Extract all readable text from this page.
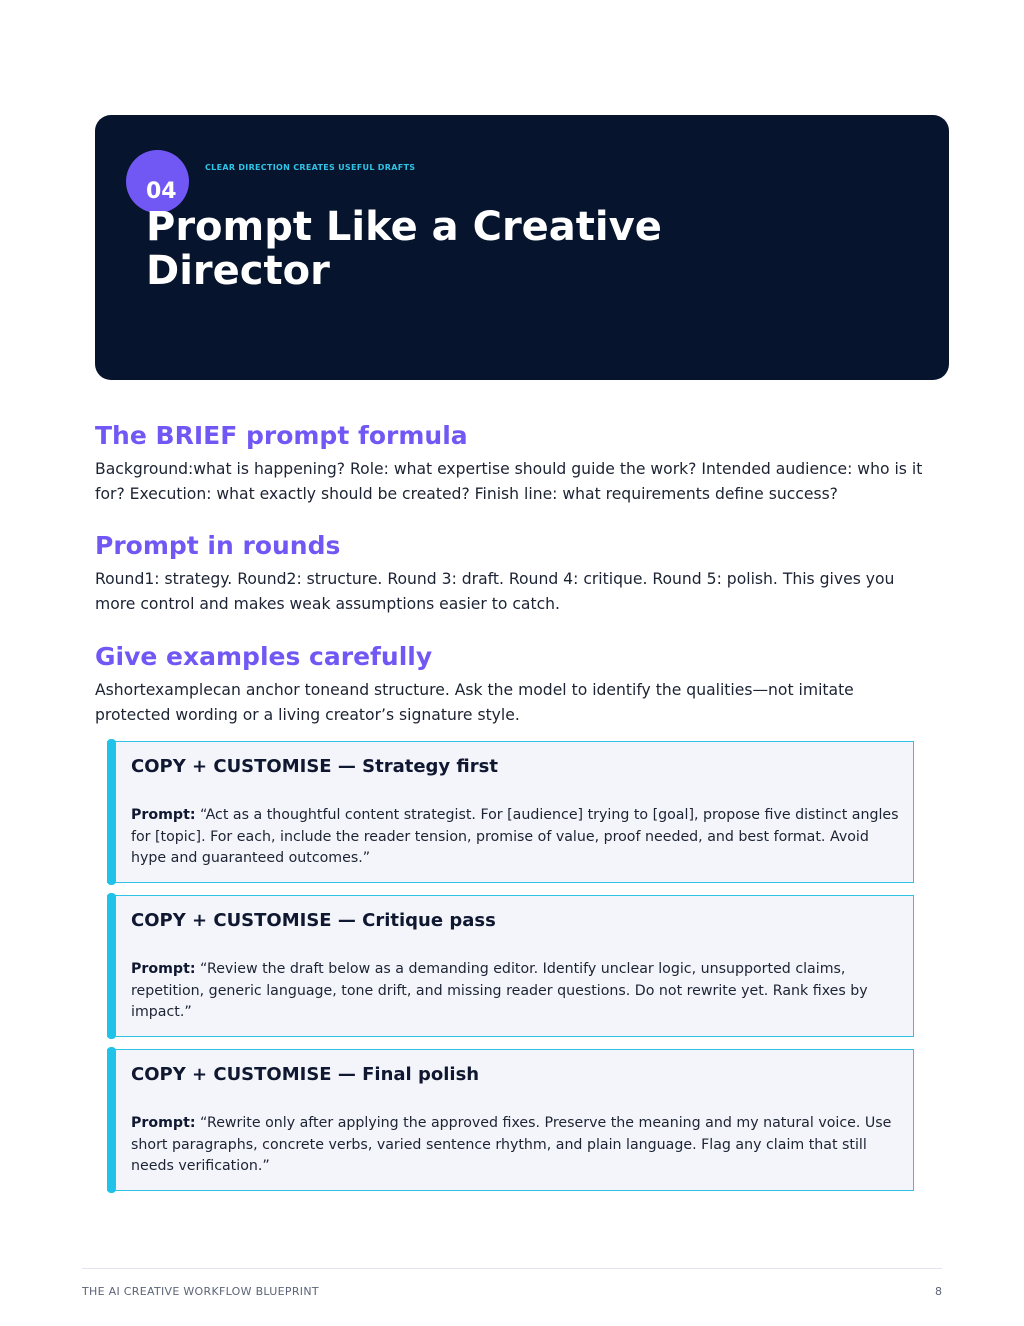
CLEAR DIRECTION CREATES USEFUL DRAFTS
04
Prompt Like a Creative Director
The BRIEF prompt formula
Background:what is happening? Role: what expertise should guide the work? Intended audience: who is it for? Execution: what exactly should be created? Finish line: what requirements define success?
Prompt in rounds
Round1: strategy. Round2: structure. Round 3: draft. Round 4: critique. Round 5: polish. This gives you more control and makes weak assumptions easier to catch.
Give examples carefully
Ashortexamplecan anchor toneand structure. Ask the model to identify the qualities—not imitate protected wording or a living creator’s signature style.
COPY + CUSTOMISE — Strategy first
Prompt: “Act as a thoughtful content strategist. For [audience] trying to [goal], propose five distinct angles for [topic]. For each, include the reader tension, promise of value, proof needed, and best format. Avoid hype and guaranteed outcomes.”
COPY + CUSTOMISE — Critique pass
Prompt: “Review the draft below as a demanding editor. Identify unclear logic, unsupported claims, repetition, generic language, tone drift, and missing reader questions. Do not rewrite yet. Rank fixes by impact.”
COPY + CUSTOMISE — Final polish
Prompt: “Rewrite only after applying the approved fixes. Preserve the meaning and my natural voice. Use short paragraphs, concrete verbs, varied sentence rhythm, and plain language. Flag any claim that still needs verification.”
THE AI CREATIVE WORKFLOW BLUEPRINT	8
